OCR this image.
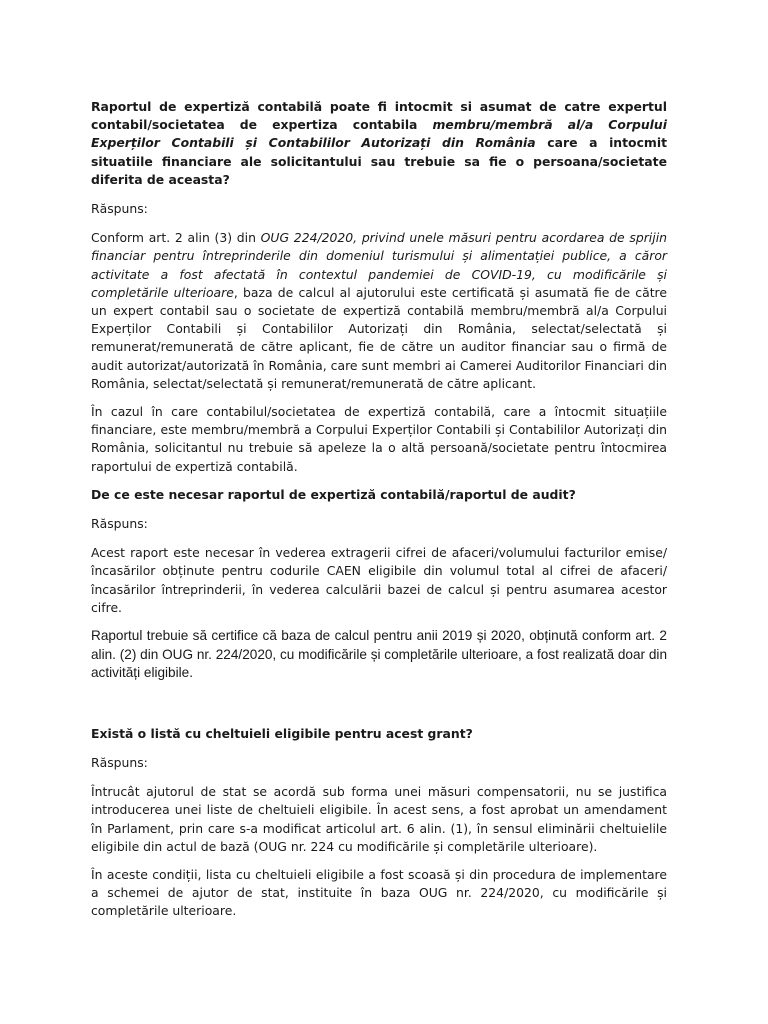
Raportul de expertiză contabilă poate fi intocmit si asumat de catre expertul contabil/societatea de expertiza contabila membru/membră al/a Corpului Experților Contabili și Contabililor Autorizați din România care a intocmit situatiile financiare ale solicitantului sau trebuie sa fie o persoana/societate diferita de aceasta?

Răspuns:

Conform art. 2 alin (3) din OUG 224/2020, privind unele măsuri pentru acordarea de sprijin financiar pentru întreprinderile din domeniul turismului și alimentației publice, a căror activitate a fost afectată în contextul pandemiei de COVID-19, cu modificările și completările ulterioare, baza de calcul al ajutorului este certificată și asumată fie de către un expert contabil sau o societate de expertiză contabilă membru/membră al/a Corpului Experților Contabili și Contabililor Autorizați din România, selectat/selectată și remunerat/remunerată de către aplicant, fie de către un auditor financiar sau o firmă de audit autorizat/autorizată în România, care sunt membri ai Camerei Auditorilor Financiari din România, selectat/selectată și remunerat/remunerată de către aplicant.

În cazul în care contabilul/societatea de expertiză contabilă, care a întocmit situațiile financiare, este membru/membră a Corpului Experților Contabili și Contabililor Autorizați din România, solicitantul nu trebuie să apeleze la o altă persoană/societate pentru întocmirea raportului de expertiză contabilă.

De ce este necesar raportul de expertiză contabilă/raportul de audit?

Răspuns:

Acest raport este necesar în vederea extragerii cifrei de afaceri/volumului facturilor emise/încasărilor obținute pentru codurile CAEN eligibile din volumul total al cifrei de afaceri/încasărilor întreprinderii, în vederea calculării bazei de calcul și pentru asumarea acestor cifre.

Raportul trebuie să certifice că baza de calcul pentru anii 2019 și 2020, obținută conform art. 2 alin. (2) din OUG nr. 224/2020, cu modificările și completările ulterioare, a fost realizată doar din activități eligibile.

Există o listă cu cheltuieli eligibile pentru acest grant?

Răspuns:

Întrucât ajutorul de stat se acordă sub forma unei măsuri compensatorii, nu se justifica introducerea unei liste de cheltuieli eligibile. În acest sens, a fost aprobat un amendament în Parlament, prin care s-a modificat articolul art. 6 alin. (1), în sensul eliminării cheltuielile eligibile din actul de bază (OUG nr. 224 cu modificările și completările ulterioare).

În aceste condiții, lista cu cheltuieli eligibile a fost scoasă și din procedura de implementare a schemei de ajutor de stat, instituite în baza OUG nr. 224/2020, cu modificările și completările ulterioare.
